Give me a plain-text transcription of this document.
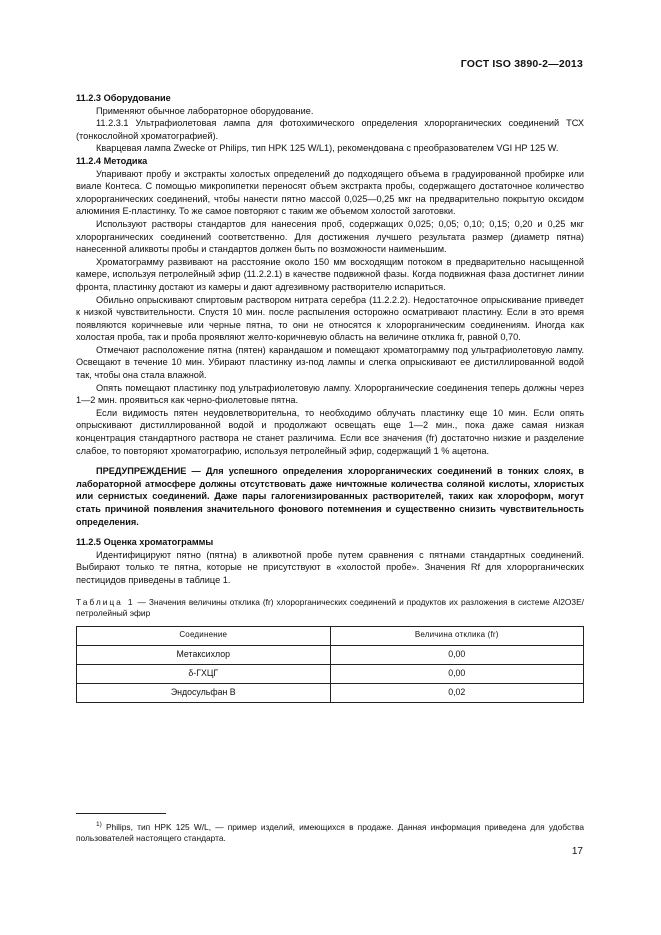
ГОСТ ISO 3890-2—2013

11.2.3 Оборудование

Применяют обычное лабораторное оборудование.

11.2.3.1 Ультрафиолетовая лампа для фотохимического определения хлорорганических соединений ТСХ (тонкослойной хроматографией).

Кварцевая лампа Zwecke от Philips, тип HPK 125 W/L1), рекомендована с преобразователем VGI HP 125 W.

11.2.4 Методика

Упаривают пробу и экстракты холостых определений до подходящего объема в градуированной пробирке или виале Контеса. С помощью микропипетки переносят объем экстракта пробы, содержащего достаточное количество хлорорганических соединений, чтобы нанести пятно массой 0,025—0,25 мкг на предварительно покрытую оксидом алюминия Е-пластинку. То же самое повторяют с таким же объемом холостой заготовки.

Используют растворы стандартов для нанесения проб, содержащих 0,025; 0,05; 0,10; 0,15; 0,20 и 0,25 мкг хлорорганических соединений соответственно. Для достижения лучшего результата размер (диаметр пятна) нанесенной аликвоты пробы и стандартов должен быть по возможности наименьшим.

Хроматограмму развивают на расстояние около 150 мм восходящим потоком в предварительно насыщенной камере, используя петролейный эфир (11.2.2.1) в качестве подвижной фазы. Когда подвижная фаза достигнет линии фронта, пластинку достают из камеры и дают адгезивному растворителю испариться.

Обильно опрыскивают спиртовым раствором нитрата серебра (11.2.2.2). Недостаточное опрыскивание приведет к низкой чувствительности. Спустя 10 мин. после распыления осторожно осматривают пластину. Если в это время появляются коричневые или черные пятна, то они не относятся к хлорорганическим соединениям. Иногда как холостая проба, так и проба проявляют желто-коричневую область на величине отклика fr, равной 0,70.

Отмечают расположение пятна (пятен) карандашом и помещают хроматограмму под ультрафиолетовую лампу. Освещают в течение 10 мин. Убирают пластинку из-под лампы и слегка опрыскивают ее дистиллированной водой так, чтобы она стала влажной.

Опять помещают пластинку под ультрафиолетовую лампу. Хлорорганические соединения теперь должны через 1—2 мин. проявиться как черно-фиолетовые пятна.

Если видимость пятен неудовлетворительна, то необходимо облучать пластинку еще 10 мин. Если опять опрыскивают дистиллированной водой и продолжают освещать еще 1—2 мин., пока даже самая низкая концентрация стандартного раствора не станет различима. Если все значения (fr) достаточно низкие и разделение слабое, то повторяют хроматографию, используя петролейный эфир, содержащий 1 % ацетона.

ПРЕДУПРЕЖДЕНИЕ — Для успешного определения хлорорганических соединений в тонких слоях, в лабораторной атмосфере должны отсутствовать даже ничтожные количества соляной кислоты, хлористых или сернистых соединений. Даже пары галогенизированных растворителей, таких как хлороформ, могут стать причиной появления значительного фонового потемнения и существенно снизить чувствительность определения.

11.2.5 Оценка хроматограммы

Идентифицируют пятно (пятна) в аликвотной пробе путем сравнения с пятнами стандартных соединений. Выбирают только те пятна, которые не присутствуют в «холостой пробе». Значения Rf для хлорорганических пестицидов приведены в таблице 1.

Таблица 1 — Значения величины отклика (fr) хлорорганических соединений и продуктов их разложения в системе Al2O3E/петролейный эфир
Соединение	Величина отклика (fr)
Метаксихлор	0,00
δ-ГХЦГ	0,00
Эндосульфан В	0,02
$^{1)}$ Philips, тип HPK 125 W/L, — пример изделий, имеющихся в продаже. Данная информация приведена для удобства пользователей настоящего стандарта.
17
